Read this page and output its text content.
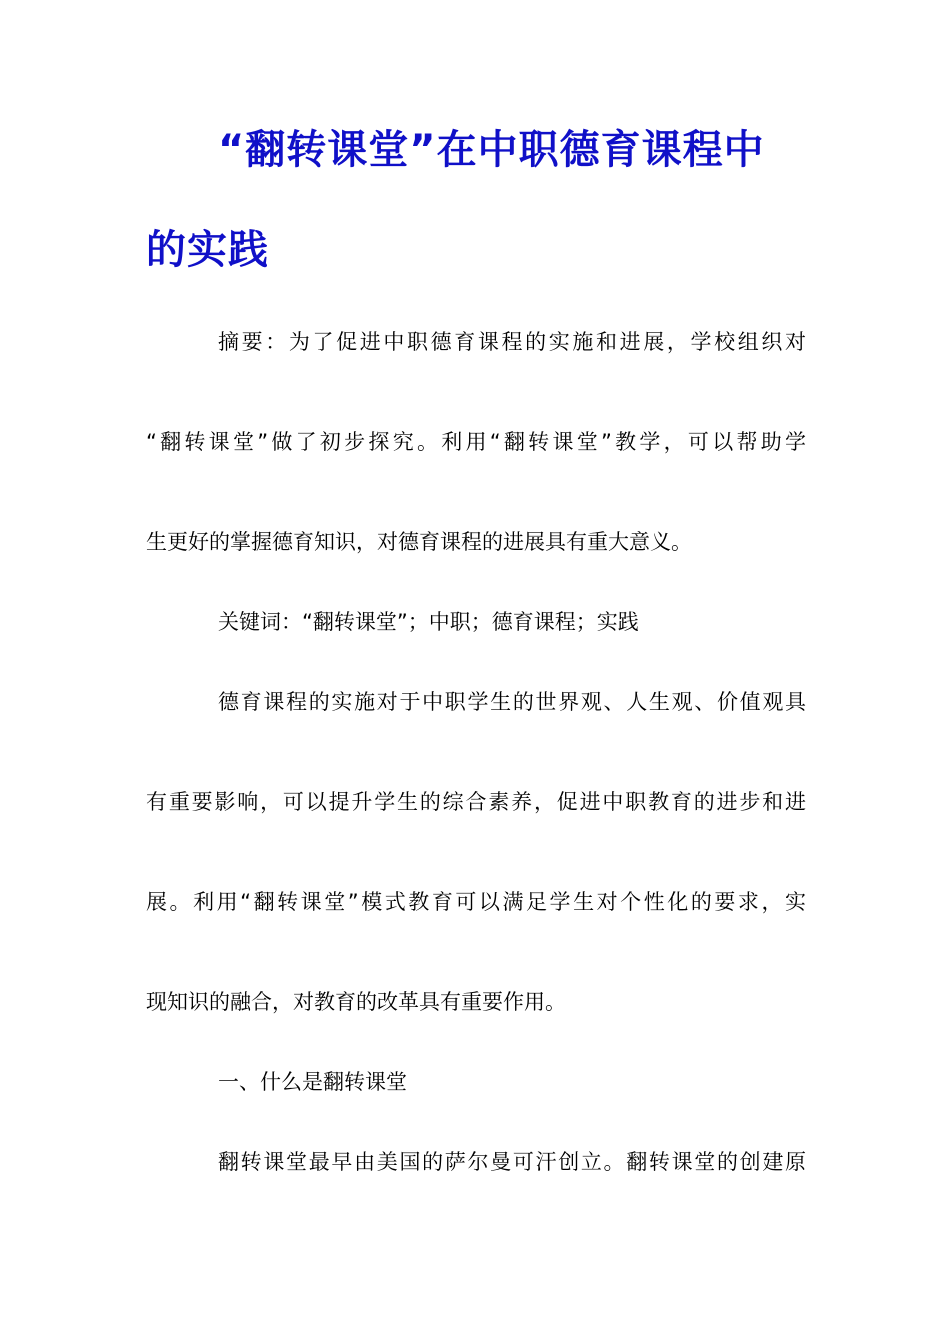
“翻转课堂”在中职德育课程中
的实践
摘要：为了促进中职德育课程的实施和进展，学校组织对
“翻转课堂”做了初步探究。利用“翻转课堂”教学，可以帮助学
生更好的掌握德育知识，对德育课程的进展具有重大意义。
关键词：“翻转课堂”；中职；德育课程；实践
德育课程的实施对于中职学生的世界观、人生观、价值观具
有重要影响，可以提升学生的综合素养，促进中职教育的进步和进
展。利用“翻转课堂”模式教育可以满足学生对个性化的要求，实
现知识的融合，对教育的改革具有重要作用。
一、什么是翻转课堂
翻转课堂最早由美国的萨尔曼可汗创立。翻转课堂的创建原
